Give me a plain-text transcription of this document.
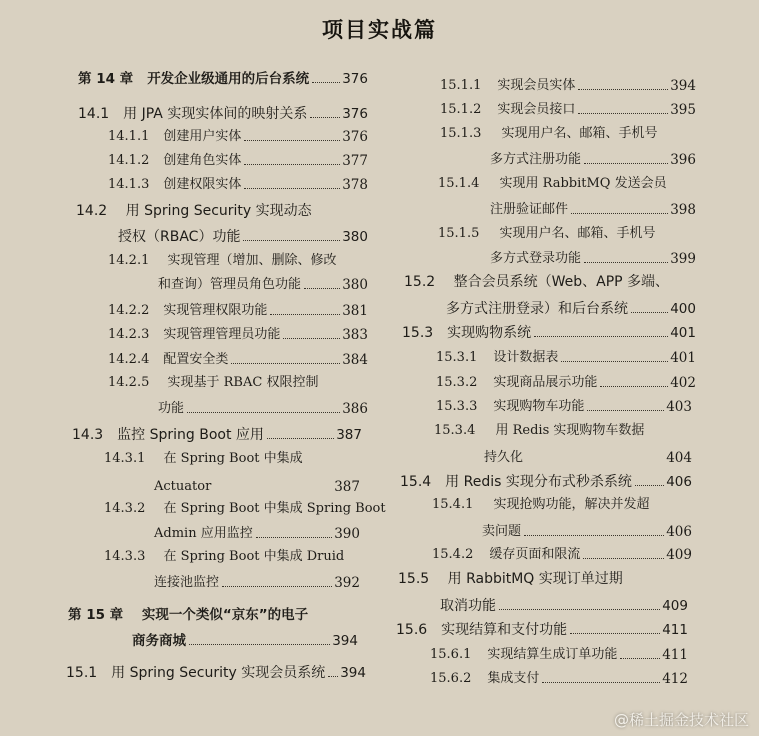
项目实战篇
第 14 章 开发企业级通用的后台系统 376
14.1 用 JPA 实现实体间的映射关系	376
14.1.1 创建用户实体	376
14.1.2 创建角色实体	377
14.1.3 创建权限实体	378
14.2 用 Spring Security 实现动态
授权（RBAC）功能	380
14.2.1 实现管理（增加、删除、修改
和查询）管理员角色功能	380
14.2.2 实现管理权限功能	381
14.2.3 实现管理管理员功能	383
14.2.4 配置安全类	384
14.2.5 实现基于 RBAC 权限控制
功能	386
14.3 监控 Spring Boot 应用	387
14.3.1 在 Spring Boot 中集成
Actuator	387
14.3.2 在 Spring Boot 中集成 Spring Boot
Admin 应用监控	390
14.3.3 在 Spring Boot 中集成 Druid
连接池监控	392
第 15 章 实现一个类似“京东”的电子
商务商城	394
15.1 用 Spring Security 实现会员系统 394
15.1.1 实现会员实体	394
15.1.2 实现会员接口	395
15.1.3 实现用户名、邮箱、手机号
多方式注册功能	396
15.1.4 实现用 RabbitMQ 发送会员
注册验证邮件	398
15.1.5 实现用户名、邮箱、手机号
多方式登录功能	399
15.2 整合会员系统（Web、APP 多端、
多方式注册登录）和后台系统	400
15.3 实现购物系统	401
15.3.1 设计数据表	401
15.3.2 实现商品展示功能	402
15.3.3 实现购物车功能	403
15.3.4 用 Redis 实现购物车数据
持久化	404
15.4 用 Redis 实现分布式秒杀系统	406
15.4.1 实现抢购功能，解决并发超
卖问题	406
15.4.2 缓存页面和限流	409
15.5 用 RabbitMQ 实现订单过期
取消功能	409
15.6 实现结算和支付功能	411
15.6.1 实现结算生成订单功能	411
15.6.2 集成支付	412
@稀土掘金技术社区
